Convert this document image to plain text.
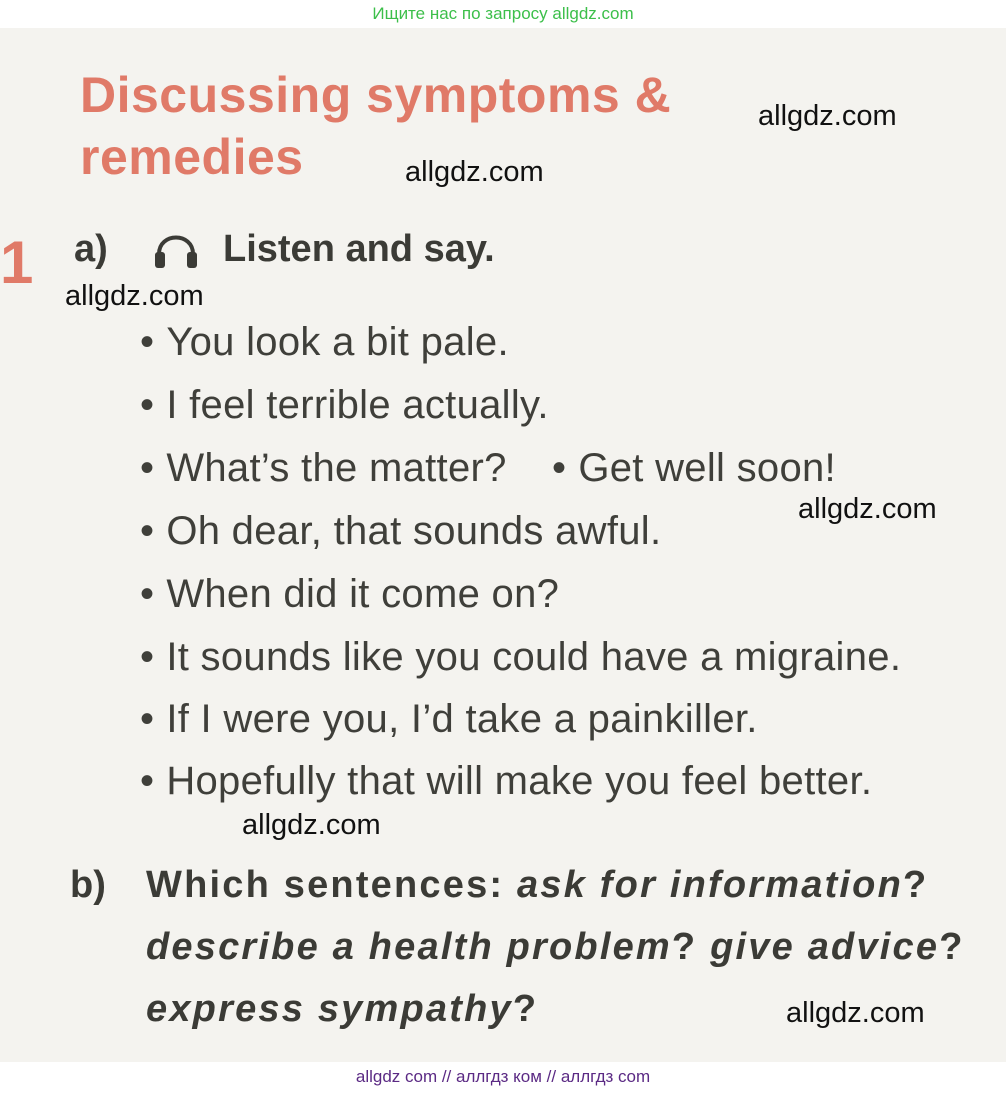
Ищите нас по запросу allgdz.com
Discussing symptoms &
remedies
allgdz.com
allgdz.com
1 a)	Listen and say.
allgdz.com
• You look a bit pale.
• I feel terrible actually.
• What’s the matter? • Get well soon!
allgdz.com
• Oh dear, that sounds awful.
• When did it come on?
• It sounds like you could have a migraine.
• If I were you, I’d take a painkiller.
• Hopefully that will make you feel better.
allgdz.com
b) Which sentences: ask for information?
describe a health problem? give advice?
express sympathy?	allgdz.com
allgdz com // аллгдз ком // аллгдз com
